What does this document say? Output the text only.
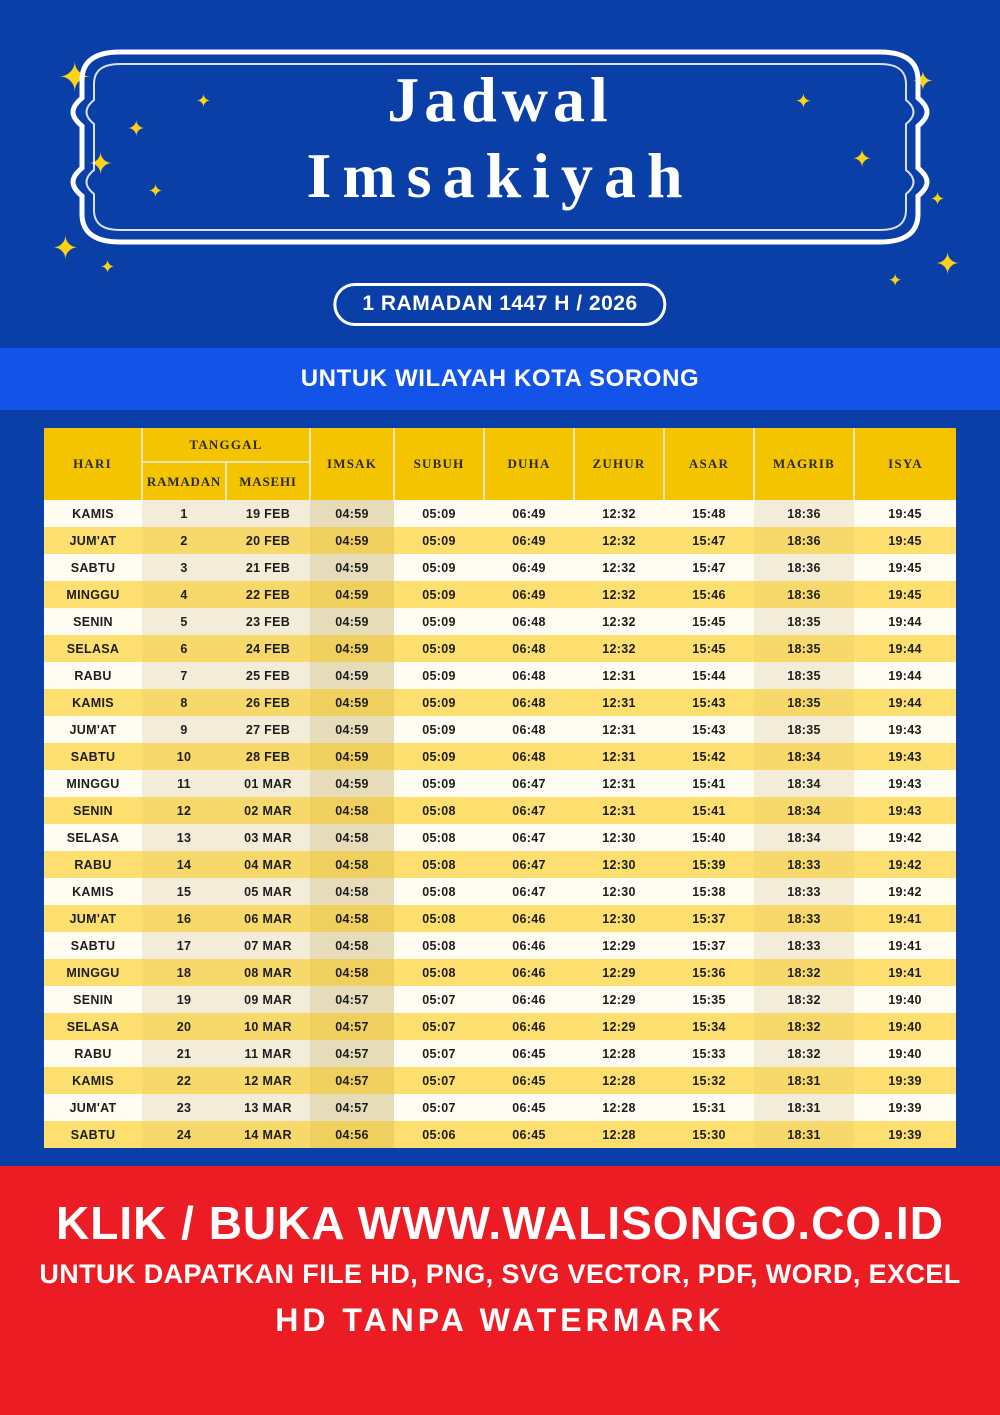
✦
✦
✦
✦
✦
✦
✦	✦
✦
✦
✦
✦
✦
Jadwal
Imsakiyah
1 RAMADAN 1447 H / 2026
UNTUK WILAYAH KOTA SORONG
HARI	TANGGAL		IMSAK	SUBUH	DUHA	ZUHUR	ASAR	MAGRIB	ISYA
	RAMADAN	MASEHI							
KAMIS	1	19 FEB	04:59	05:09	06:49	12:32	15:48	18:36	19:45
JUM'AT	2	20 FEB	04:59	05:09	06:49	12:32	15:47	18:36	19:45
SABTU	3	21 FEB	04:59	05:09	06:49	12:32	15:47	18:36	19:45
MINGGU	4	22 FEB	04:59	05:09	06:49	12:32	15:46	18:36	19:45
SENIN	5	23 FEB	04:59	05:09	06:48	12:32	15:45	18:35	19:44
SELASA	6	24 FEB	04:59	05:09	06:48	12:32	15:45	18:35	19:44
RABU	7	25 FEB	04:59	05:09	06:48	12:31	15:44	18:35	19:44
KAMIS	8	26 FEB	04:59	05:09	06:48	12:31	15:43	18:35	19:44
JUM'AT	9	27 FEB	04:59	05:09	06:48	12:31	15:43	18:35	19:43
SABTU	10	28 FEB	04:59	05:09	06:48	12:31	15:42	18:34	19:43
MINGGU	11	01 MAR	04:59	05:09	06:47	12:31	15:41	18:34	19:43
SENIN	12	02 MAR	04:58	05:08	06:47	12:31	15:41	18:34	19:43
SELASA	13	03 MAR	04:58	05:08	06:47	12:30	15:40	18:34	19:42
RABU	14	04 MAR	04:58	05:08	06:47	12:30	15:39	18:33	19:42
KAMIS	15	05 MAR	04:58	05:08	06:47	12:30	15:38	18:33	19:42
JUM'AT	16	06 MAR	04:58	05:08	06:46	12:30	15:37	18:33	19:41
SABTU	17	07 MAR	04:58	05:08	06:46	12:29	15:37	18:33	19:41
MINGGU	18	08 MAR	04:58	05:08	06:46	12:29	15:36	18:32	19:41
SENIN	19	09 MAR	04:57	05:07	06:46	12:29	15:35	18:32	19:40
SELASA	20	10 MAR	04:57	05:07	06:46	12:29	15:34	18:32	19:40
RABU	21	11 MAR	04:57	05:07	06:45	12:28	15:33	18:32	19:40
KAMIS	22	12 MAR	04:57	05:07	06:45	12:28	15:32	18:31	19:39
JUM'AT	23	13 MAR	04:57	05:07	06:45	12:28	15:31	18:31	19:39
SABTU	24	14 MAR	04:56	05:06	06:45	12:28	15:30	18:31	19:39
KLIK / BUKA WWW.WALISONGO.CO.ID
UNTUK DAPATKAN FILE HD, PNG, SVG VECTOR, PDF, WORD, EXCEL
HD TANPA WATERMARK
